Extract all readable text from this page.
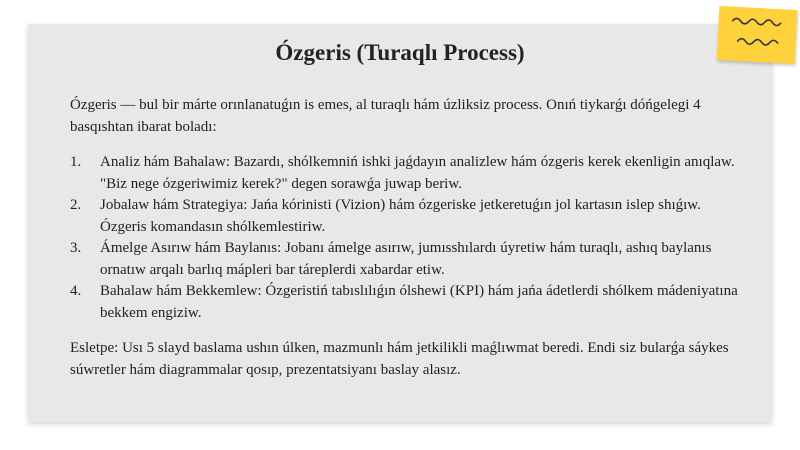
Ózgeris (Turaqlı Process)

Ózgeris — bul bir márte orınlanatuǵın is emes, al turaqlı hám úzliksiz process. Onıń tiykarǵı dóńgelegi 4 basqıshtan ibarat boladı:

1. Analiz hám Bahalaw: Bazardı, shólkemniń ishki jaǵdayın analizlew hám ózgeris kerek ekenligin anıqlaw. "Biz nege ózgeriwimiz kerek?" degen sorawǵa juwap beriw.
2. Jobalaw hám Strategiya: Jańa kórinisti (Vizion) hám ózgeriske jetkeretuǵın jol kartasın islep shıǵıw. Ózgeris komandasın shólkemlestiriw.
3. Ámelge Asırıw hám Baylanıs: Jobanı ámelge asırıw, jumısshılardı úyretiw hám turaqlı, ashıq baylanıs ornatıw arqalı barlıq mápleri bar tárеplerdi xabardar etiw.
4. Bahalaw hám Bekkemlew: Ózgeristiń tabıslılıǵın ólshewi (KPI) hám jańa ádetlerdi shólkem mádeniyatına bekkem engiziw.

Esletpe: Usı 5 slayd baslama ushın úlken, mazmunlı hám jetkilikli maǵlıwmat beredi. Endi siz bularǵa sáykes súwretler hám diagrammalar qosıp, prezentatsiyanı baslay alasız.
